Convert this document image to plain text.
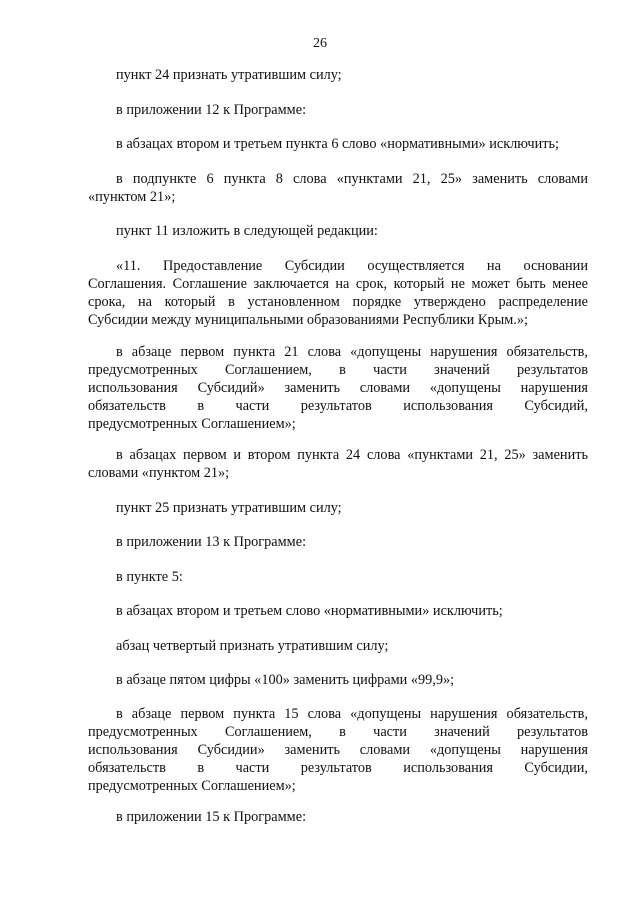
26
пункт 24 признать утратившим силу;
в приложении 12 к Программе:
в абзацах втором и третьем пункта 6 слово «нормативными» исключить;
в подпункте 6 пункта 8 слова «пунктами 21, 25» заменить словами
«пунктом 21»;
пункт 11 изложить в следующей редакции:
«11. Предоставление Субсидии осуществляется на основании
Соглашения. Соглашение заключается на срок, который не может быть менее
срока, на который в установленном порядке утверждено распределение
Субсидии между муниципальными образованиями Республики Крым.»;
в абзаце первом пункта 21 слова «допущены нарушения обязательств,
предусмотренных Соглашением, в части значений результатов
использования Субсидий» заменить словами «допущены нарушения
обязательств в части результатов использования Субсидий,
предусмотренных Соглашением»;
в абзацах первом и втором пункта 24 слова «пунктами 21, 25» заменить
словами «пунктом 21»;
пункт 25 признать утратившим силу;
в приложении 13 к Программе:
в пункте 5:
в абзацах втором и третьем слово «нормативными» исключить;
абзац четвертый признать утратившим силу;
в абзаце пятом цифры «100» заменить цифрами «99,9»;
в абзаце первом пункта 15 слова «допущены нарушения обязательств,
предусмотренных Соглашением, в части значений результатов
использования Субсидии» заменить словами «допущены нарушения
обязательств в части результатов использования Субсидии,
предусмотренных Соглашением»;
в приложении 15 к Программе:
